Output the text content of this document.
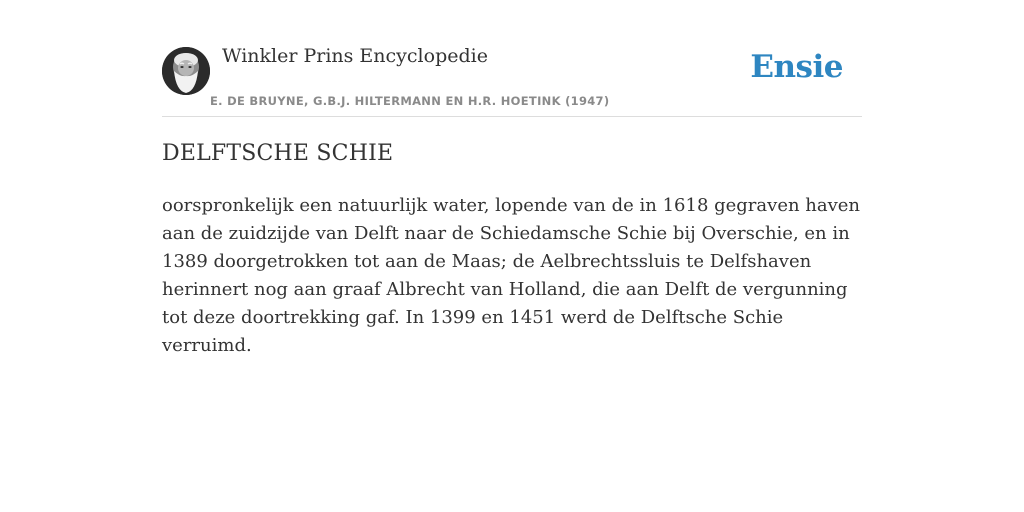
Winkler Prins Encyclopedie
E. DE BRUYNE, G.B.J. HILTERMANN EN H.R. HOETINK (1947)
Ensie
DELFTSCHE SCHIE

oorspronkelijk een natuurlijk water, lopende van de in 1618 gegraven haven aan de zuidzijde van Delft naar de Schiedamsche Schie bij Overschie, en in 1389 doorgetrokken tot aan de Maas; de Aelbrechtssluis te Delfshaven herinnert nog aan graaf Albrecht van Holland, die aan Delft de vergunning tot deze doortrekking gaf. In 1399 en 1451 werd de Delftsche Schie verruimd.
